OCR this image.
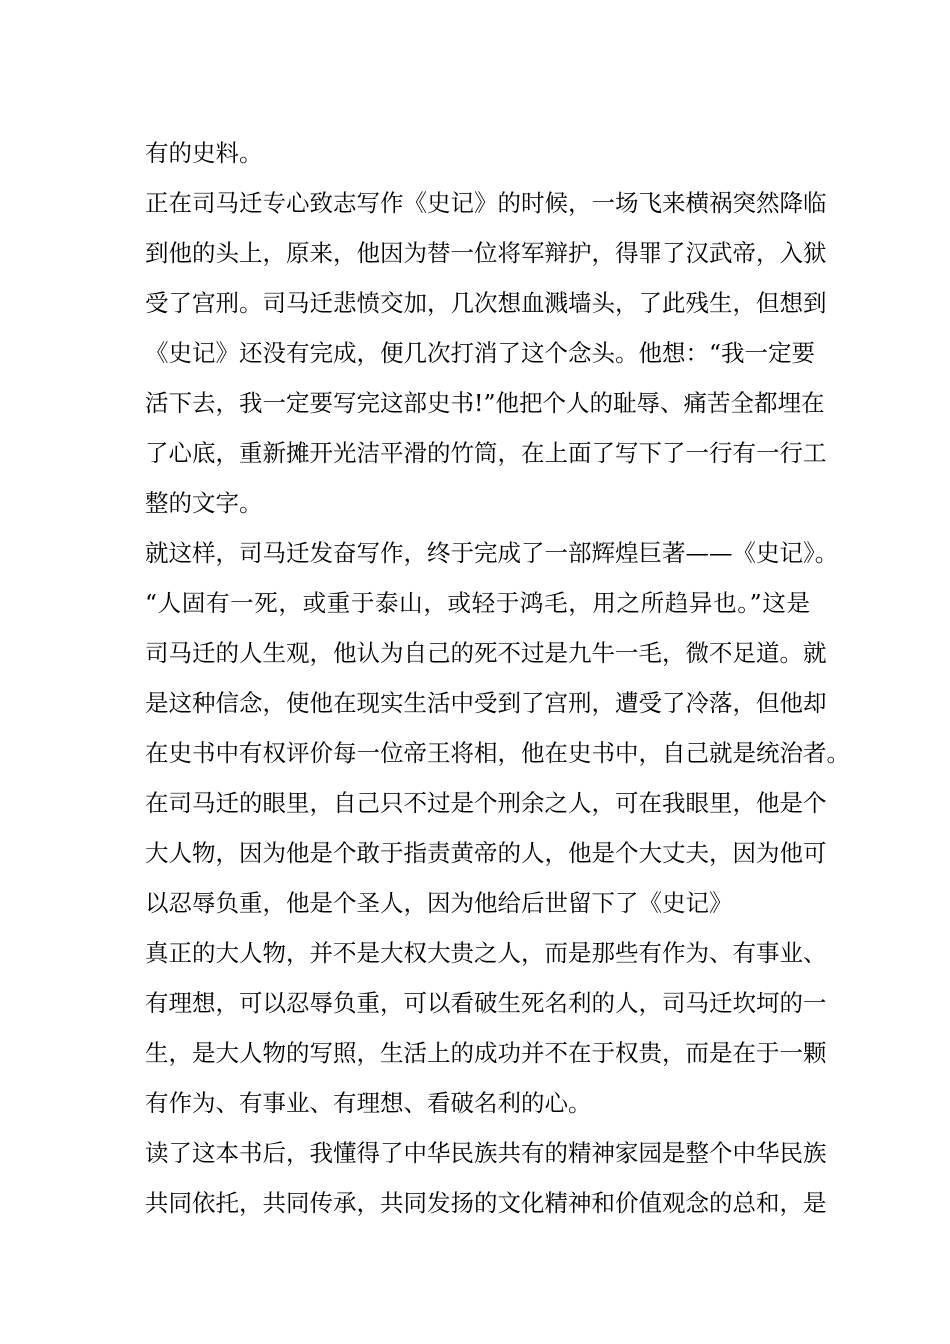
有的史料。
正在司马迁专心致志写作《史记》的时候，一场飞来横祸突然降临
到他的头上，原来，他因为替一位将军辩护，得罪了汉武帝，入狱
受了宫刑。司马迁悲愤交加，几次想血溅墙头，了此残生，但想到
《史记》还没有完成，便几次打消了这个念头。他想：“我一定要
活下去，我一定要写完这部史书!”他把个人的耻辱、痛苦全都埋在
了心底，重新摊开光洁平滑的竹筒，在上面了写下了一行有一行工
整的文字。
就这样，司马迁发奋写作，终于完成了一部辉煌巨著——《史记》。
“人固有一死，或重于泰山，或轻于鸿毛，用之所趋异也。”这是
司马迁的人生观，他认为自己的死不过是九牛一毛，微不足道。就
是这种信念，使他在现实生活中受到了宫刑，遭受了冷落，但他却
在史书中有权评价每一位帝王将相，他在史书中，自己就是统治者。
在司马迁的眼里，自己只不过是个刑余之人，可在我眼里，他是个
大人物，因为他是个敢于指责黄帝的人，他是个大丈夫，因为他可
以忍辱负重，他是个圣人，因为他给后世留下了《史记》
真正的大人物，并不是大权大贵之人，而是那些有作为、有事业、
有理想，可以忍辱负重，可以看破生死名利的人，司马迁坎坷的一
生，是大人物的写照，生活上的成功并不在于权贵，而是在于一颗
有作为、有事业、有理想、看破名利的心。
读了这本书后，我懂得了中华民族共有的精神家园是整个中华民族
共同依托，共同传承，共同发扬的文化精神和价值观念的总和，是
